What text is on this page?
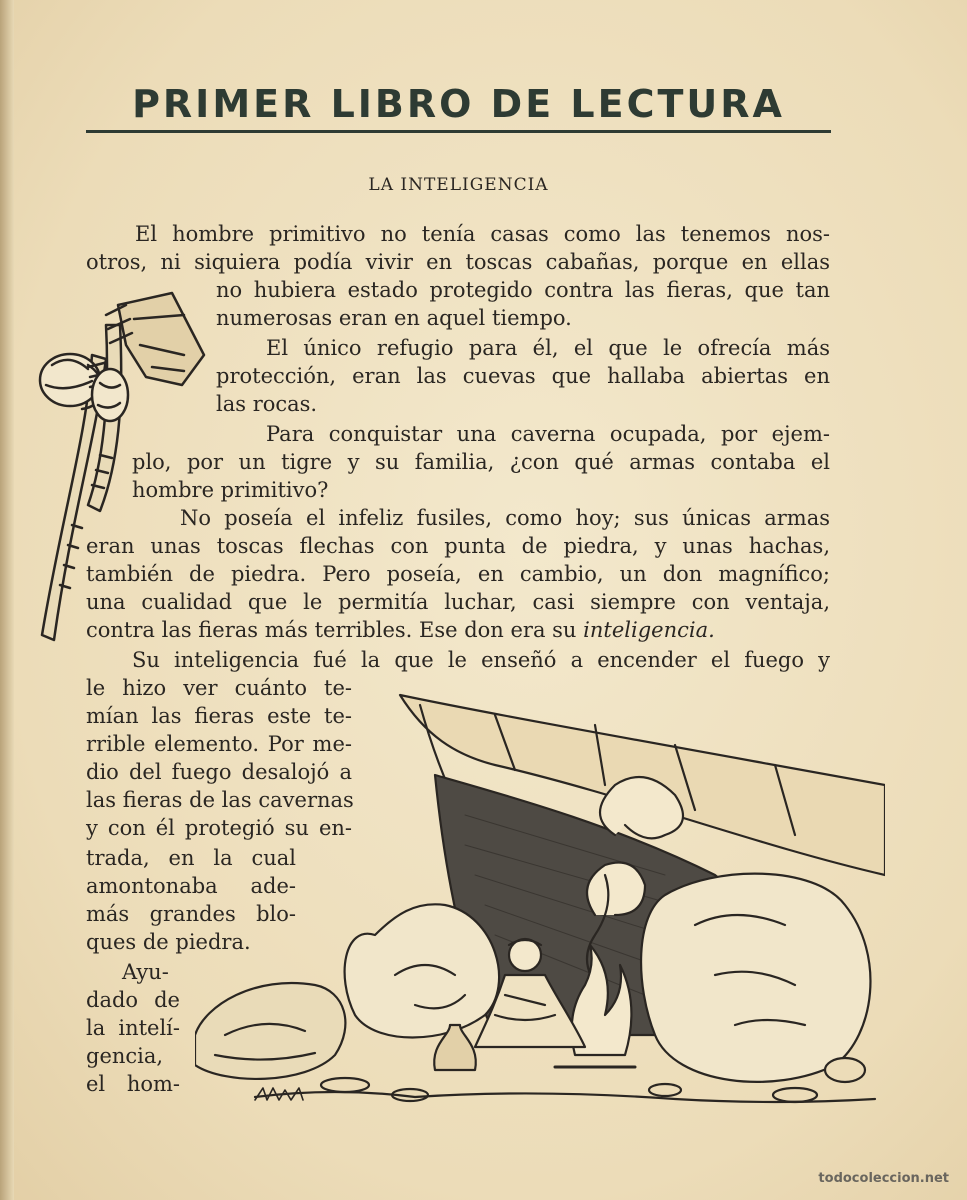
PRIMER LIBRO DE LECTURA
LA INTELIGENCIA
El hombre primitivo no tenía casas como las tenemos nos-
otros, ni siquiera podía vivir en toscas cabañas, porque en ellas
no hubiera estado protegido contra las fieras, que tan
numerosas eran en aquel tiempo.
El único refugio para él, el que le ofrecía más
protección, eran las cuevas que hallaba abiertas en
las rocas.
Para conquistar una caverna ocupada, por ejem-
plo, por un tigre y su familia, ¿con qué armas contaba el
hombre primitivo?
No poseía el infeliz fusiles, como hoy; sus únicas armas
eran unas toscas flechas con punta de piedra, y unas hachas,
también de piedra. Pero poseía, en cambio, un don magnífico;
una cualidad que le permitía luchar, casi siempre con ventaja,
contra las fieras más terribles. Ese don era su inteligencia.
Su inteligencia fué la que le enseñó a encender el fuego y
le hizo ver cuánto te-
mían las fieras este te-
rrible elemento. Por me-
dio del fuego desalojó a
las fieras de las cavernas
y con él protegió su en-
trada, en la cual
amontonaba ade-
más grandes blo-
ques de piedra.
Ayu-
dado de
la intelí-
gencia,
el hom-
todocoleccion.net
